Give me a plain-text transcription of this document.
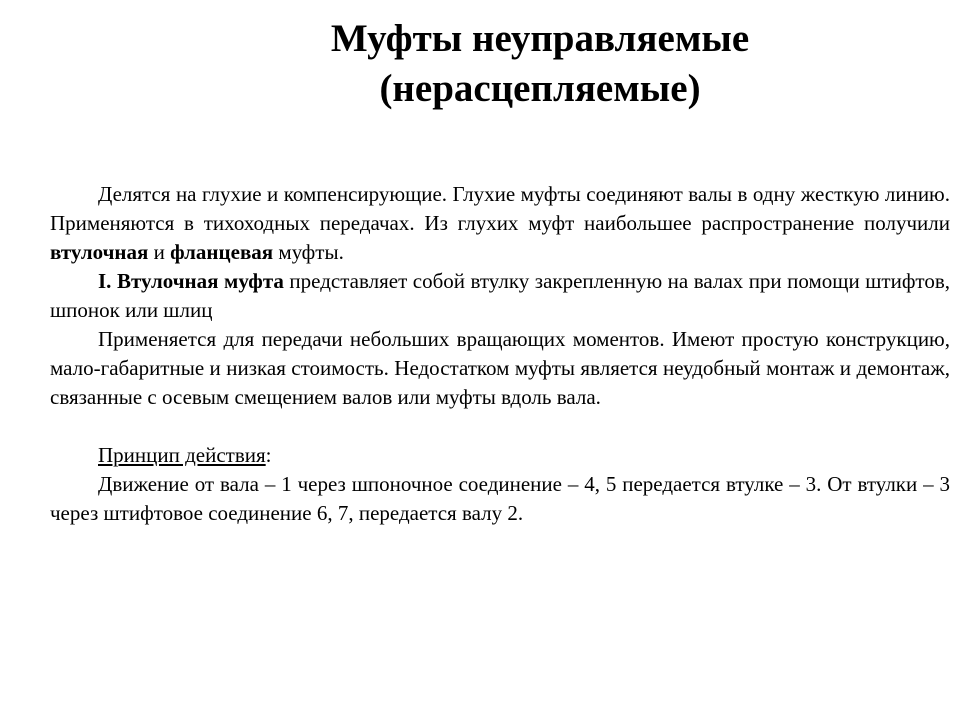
Муфты неуправляемые
(нерасцепляемые)

Делятся на глухие и компенсирующие. Глухие муфты соединяют валы в одну жесткую линию. Применяются в тихоходных передачах. Из глухих муфт наибольшее распространение получили втулочная и фланцевая муфты.

I. Втулочная муфта представляет собой втулку закрепленную на валах при помощи штифтов, шпонок или шлиц

Применяется для передачи небольших вращающих моментов. Имеют простую конструкцию, мало-габаритные и низкая стоимость. Недостатком муфты является неудобный монтаж и демонтаж, связанные с осевым смещением валов или муфты вдоль вала.

Принцип действия:

Движение от вала – 1 через шпоночное соединение – 4, 5 передается втулке – 3. От втулки – 3 через штифтовое соединение 6, 7, передается валу 2.
